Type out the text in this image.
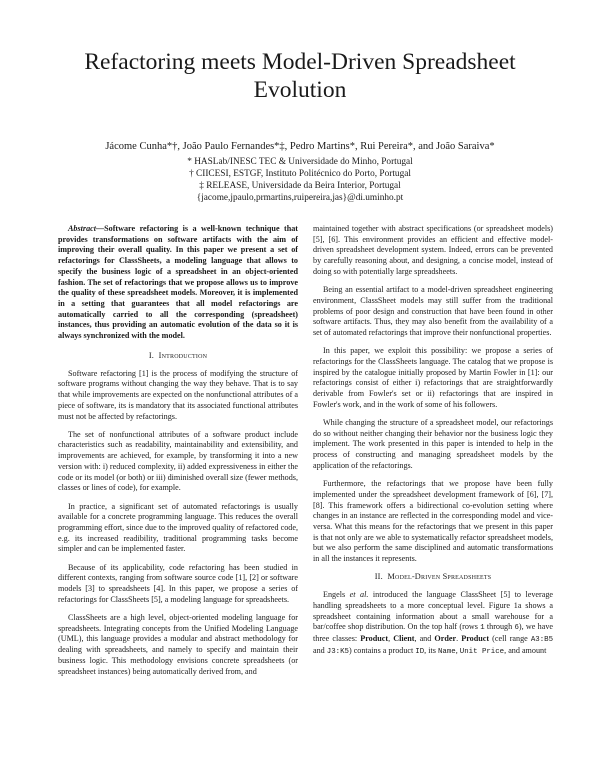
Refactoring meets Model-Driven Spreadsheet Evolution
Jácome Cunha*†, João Paulo Fernandes*‡, Pedro Martins*, Rui Pereira*, and João Saraiva*
* HASLab/INESC TEC & Universidade do Minho, Portugal
† CIICESI, ESTGF, Instituto Politécnico do Porto, Portugal
‡ RELEASE, Universidade da Beira Interior, Portugal
{jacome,jpaulo,prmartins,ruipereira,jas}@di.uminho.pt

Abstract—Software refactoring is a well-known technique that provides transformations on software artifacts with the aim of improving their overall quality. In this paper we present a set of refactorings for ClassSheets, a modeling language that allows to specify the business logic of a spreadsheet in an object-oriented fashion. The set of refactorings that we propose allows us to improve the quality of these spreadsheet models. Moreover, it is implemented in a setting that guarantees that all model refactorings are automatically carried to all the corresponding (spreadsheet) instances, thus providing an automatic evolution of the data so it is always synchronized with the model.

I. Introduction

Software refactoring [1] is the process of modifying the structure of software programs without changing the way they behave. That is to say that while improvements are expected on the nonfunctional attributes of a piece of software, its is mandatory that its associated functional attributes must not be affected by refactorings.

The set of nonfunctional attributes of a software product include characteristics such as readability, maintainability and extensibility, and improvements are achieved, for example, by transforming it into a new version with: i) reduced complexity, ii) added expressiveness in either the code or its model (or both) or iii) diminished overall size (fewer methods, classes or lines of code), for example.

In practice, a significant set of automated refactorings is usually available for a concrete programming language. This reduces the overall programming effort, since due to the improved quality of refactored code, e.g. its increased readibility, traditional programming tasks become simpler and can be implemented faster.

Because of its applicability, code refactoring has been studied in different contexts, ranging from software source code [1], [2] or software models [3] to spreadsheets [4]. In this paper, we propose a series of refactorings for ClassSheets [5], a modeling language for spreadsheets.

ClassSheets are a high level, object-oriented modeling language for spreadsheets. Integrating concepts from the Unified Modeling Language (UML), this language provides a modular and abstract methodology for dealing with spreadsheets, and namely to specify and maintain their business logic. This methodology envisions concrete spreadsheets (or spreadsheet instances) being automatically derived from, and

maintained together with abstract specifications (or spreadsheet models) [5], [6]. This environment provides an efficient and effective model-driven spreadsheet development system. Indeed, errors can be prevented by carefully reasoning about, and designing, a concise model, instead of doing so with potentially large spreadsheets.

Being an essential artifact to a model-driven spreadsheet engineering environment, ClassSheet models may still suffer from the traditional problems of poor design and construction that have been found in other software artifacts. Thus, they may also benefit from the availability of a set of automated refactorings that improve their nonfunctional properties.

In this paper, we exploit this possibility: we propose a series of refactorings for the ClassSheets language. The catalog that we propose is inspired by the catalogue initially proposed by Martin Fowler in [1]: our refactorings consist of either i) refactorings that are straightforwardly derivable from Fowler's set or ii) refactorings that are inspired in Fowler's work, and in the work of some of his followers.

While changing the structure of a spreadsheet model, our refactorings do so without neither changing their behavior nor the business logic they implement. The work presented in this paper is intended to help in the process of constructing and managing spreadsheet models by the application of the refactorings.

Furthermore, the refactorings that we propose have been fully implemented under the spreadsheet development framework of [6], [7], [8]. This framework offers a bidirectional co-evolution setting where changes in an instance are reflected in the corresponding model and vice-versa. What this means for the refactorings that we present in this paper is that not only are we able to systematically refactor spreadsheet models, but we also perform the same disciplined and automatic transformations in all the instances it represents.

II. Model-Driven Spreadsheets

Engels et al. introduced the language ClassSheet [5] to leverage handling spreadsheets to a more conceptual level. Figure 1a shows a spreadsheet containing information about a small warehouse for a bar/coffee shop distribution. On the top half (rows 1 through 6), we have three classes: Product, Client, and Order. Product (cell range A3:B5 and J3:K5) contains a product ID, its Name, Unit Price, and amount
